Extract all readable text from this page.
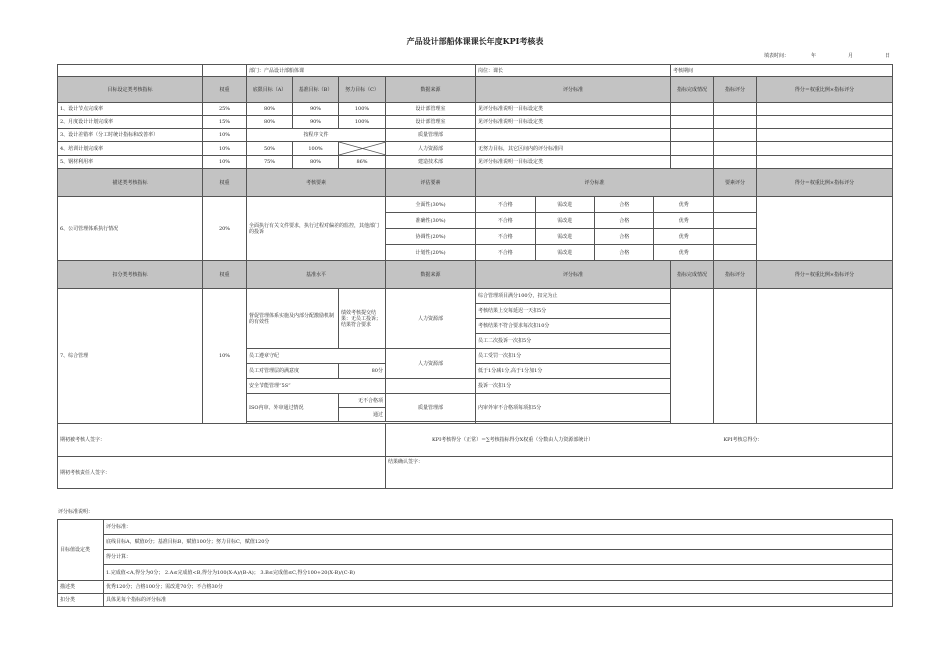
产品设计部船体课课长年度KPI考核表
填表时间：	年	月	日
		部门：产品设计部船体课	岗位：课长	考核期间
目标设定类考核指标	权重	底限目标（A）	基准目标（B）	努力目标（C）	数据来源	评分标准	指标完成情况	指标评分	得分＝权重比例×指标评分
1、设计节点完成率	25%	80%	90%	100%	设计部管理室	见评分标准说明一目标设定类			
2、月度设计计划完成率	15%	80%	90%	100%	设计部管理室	见评分标准说明一目标设定类			
3、设计差错率（分工时统计指标和改善率）	10%	按程序文件	质量管理部				
4、培训计划完成率	10%	50%	100%		人力资源部	无努力目标，其它区间内的评分标准同			
5、钢材利用率	10%	75%	80%	86%	建造技术部	见评分标准说明一目标设定类			
描述类考核指标	权重	考核要素	评估要素	评分标准	要素评分	得分＝权重比例×指标评分
6、公司管理体系执行情况	20%	全面执行有关文件要求，执行过程对偏差的监控，其他部门的投诉	全面性(30%)		不合格	需改进	合格	优秀

准确性(30%)		不合格	需改进	合格	优秀

协调性(20%)		不合格	需改进	合格	优秀

计划性(20%)		不合格	需改进	合格	优秀

扣分类考核指标	权重	基准水平	数据来源	评分标准	指标完成情况	指标评分	得分＝权重比例×指标评分
7、综合管理	10%	督促管理体系实施及内部分配激励机制的有效性	绩效考核提交结果：无员工投诉；结果符合要求	人力资源部	综合管理项目满分100分，扣完为止			
考核结果上交每延迟一天扣5分
考核结果不符合要求每次扣10分
员工二次投诉一次扣5分
员工遵章守纪	人力资源部	员工受罚一次扣1分
员工对管理层的满意度	80分	低于1分减1分,高于1分加1分
安全节能管理“5S”		投诉一次扣1分
ISO内审、外审通过情况	无不合格项	质量管理部	内审外审不合格项每项扣5分
通过

期初被考核人签字：	KPI考核得分（正常）＝∑考核指标得分X权重（分数由人力资源部统计）	KPI考核总得分：

期初考核责任人签字：	结果确认签字：
评分标准说明：
目标值设定类	评分标准：
	底线目标A，赋值0分；基准目标B，赋值100分；努力目标C，赋值120分
	得分计算：
	1.完成值<A,得分为0分； 2.A≤完成值<B,得分为100(X-A)/(B-A)； 3.B≤完成值≤C,得分100+20(X-B)/(C-B)
描述类	优秀120分；合格100分；需改进70分；不合格30分
扣分类	具体见每个指标的评分标准
